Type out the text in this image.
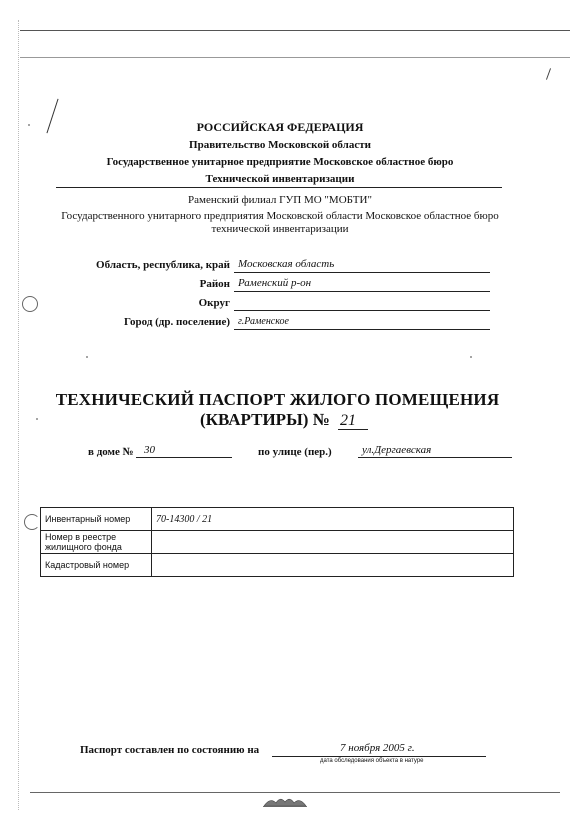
РОССИЙСКАЯ ФЕДЕРАЦИЯ
Правительство Московской области
Государственное унитарное предприятие Московское областное бюро
Технической инвентаризации
Раменский филиал ГУП МО "МОБТИ"
Государственного унитарного предприятия Московской области Московское областное бюро
технической инвентаризации
Область, республика, край Московская область
Район Раменский р-он
Округ
Город (др. поселение) г.Раменское
ТЕХНИЧЕСКИЙ ПАСПОРТ ЖИЛОГО ПОМЕЩЕНИЯ
(КВАРТИРЫ) № 21
в доме № 30	по улице (пер.)	ул.Дергаевская
Инвентарный номер	70-14300 / 21
Номер в реестре жилищного фонда	
Кадастровый номер	
Паспорт составлен по состоянию на	7 ноября 2005 г.
дата обследования объекта в натуре
